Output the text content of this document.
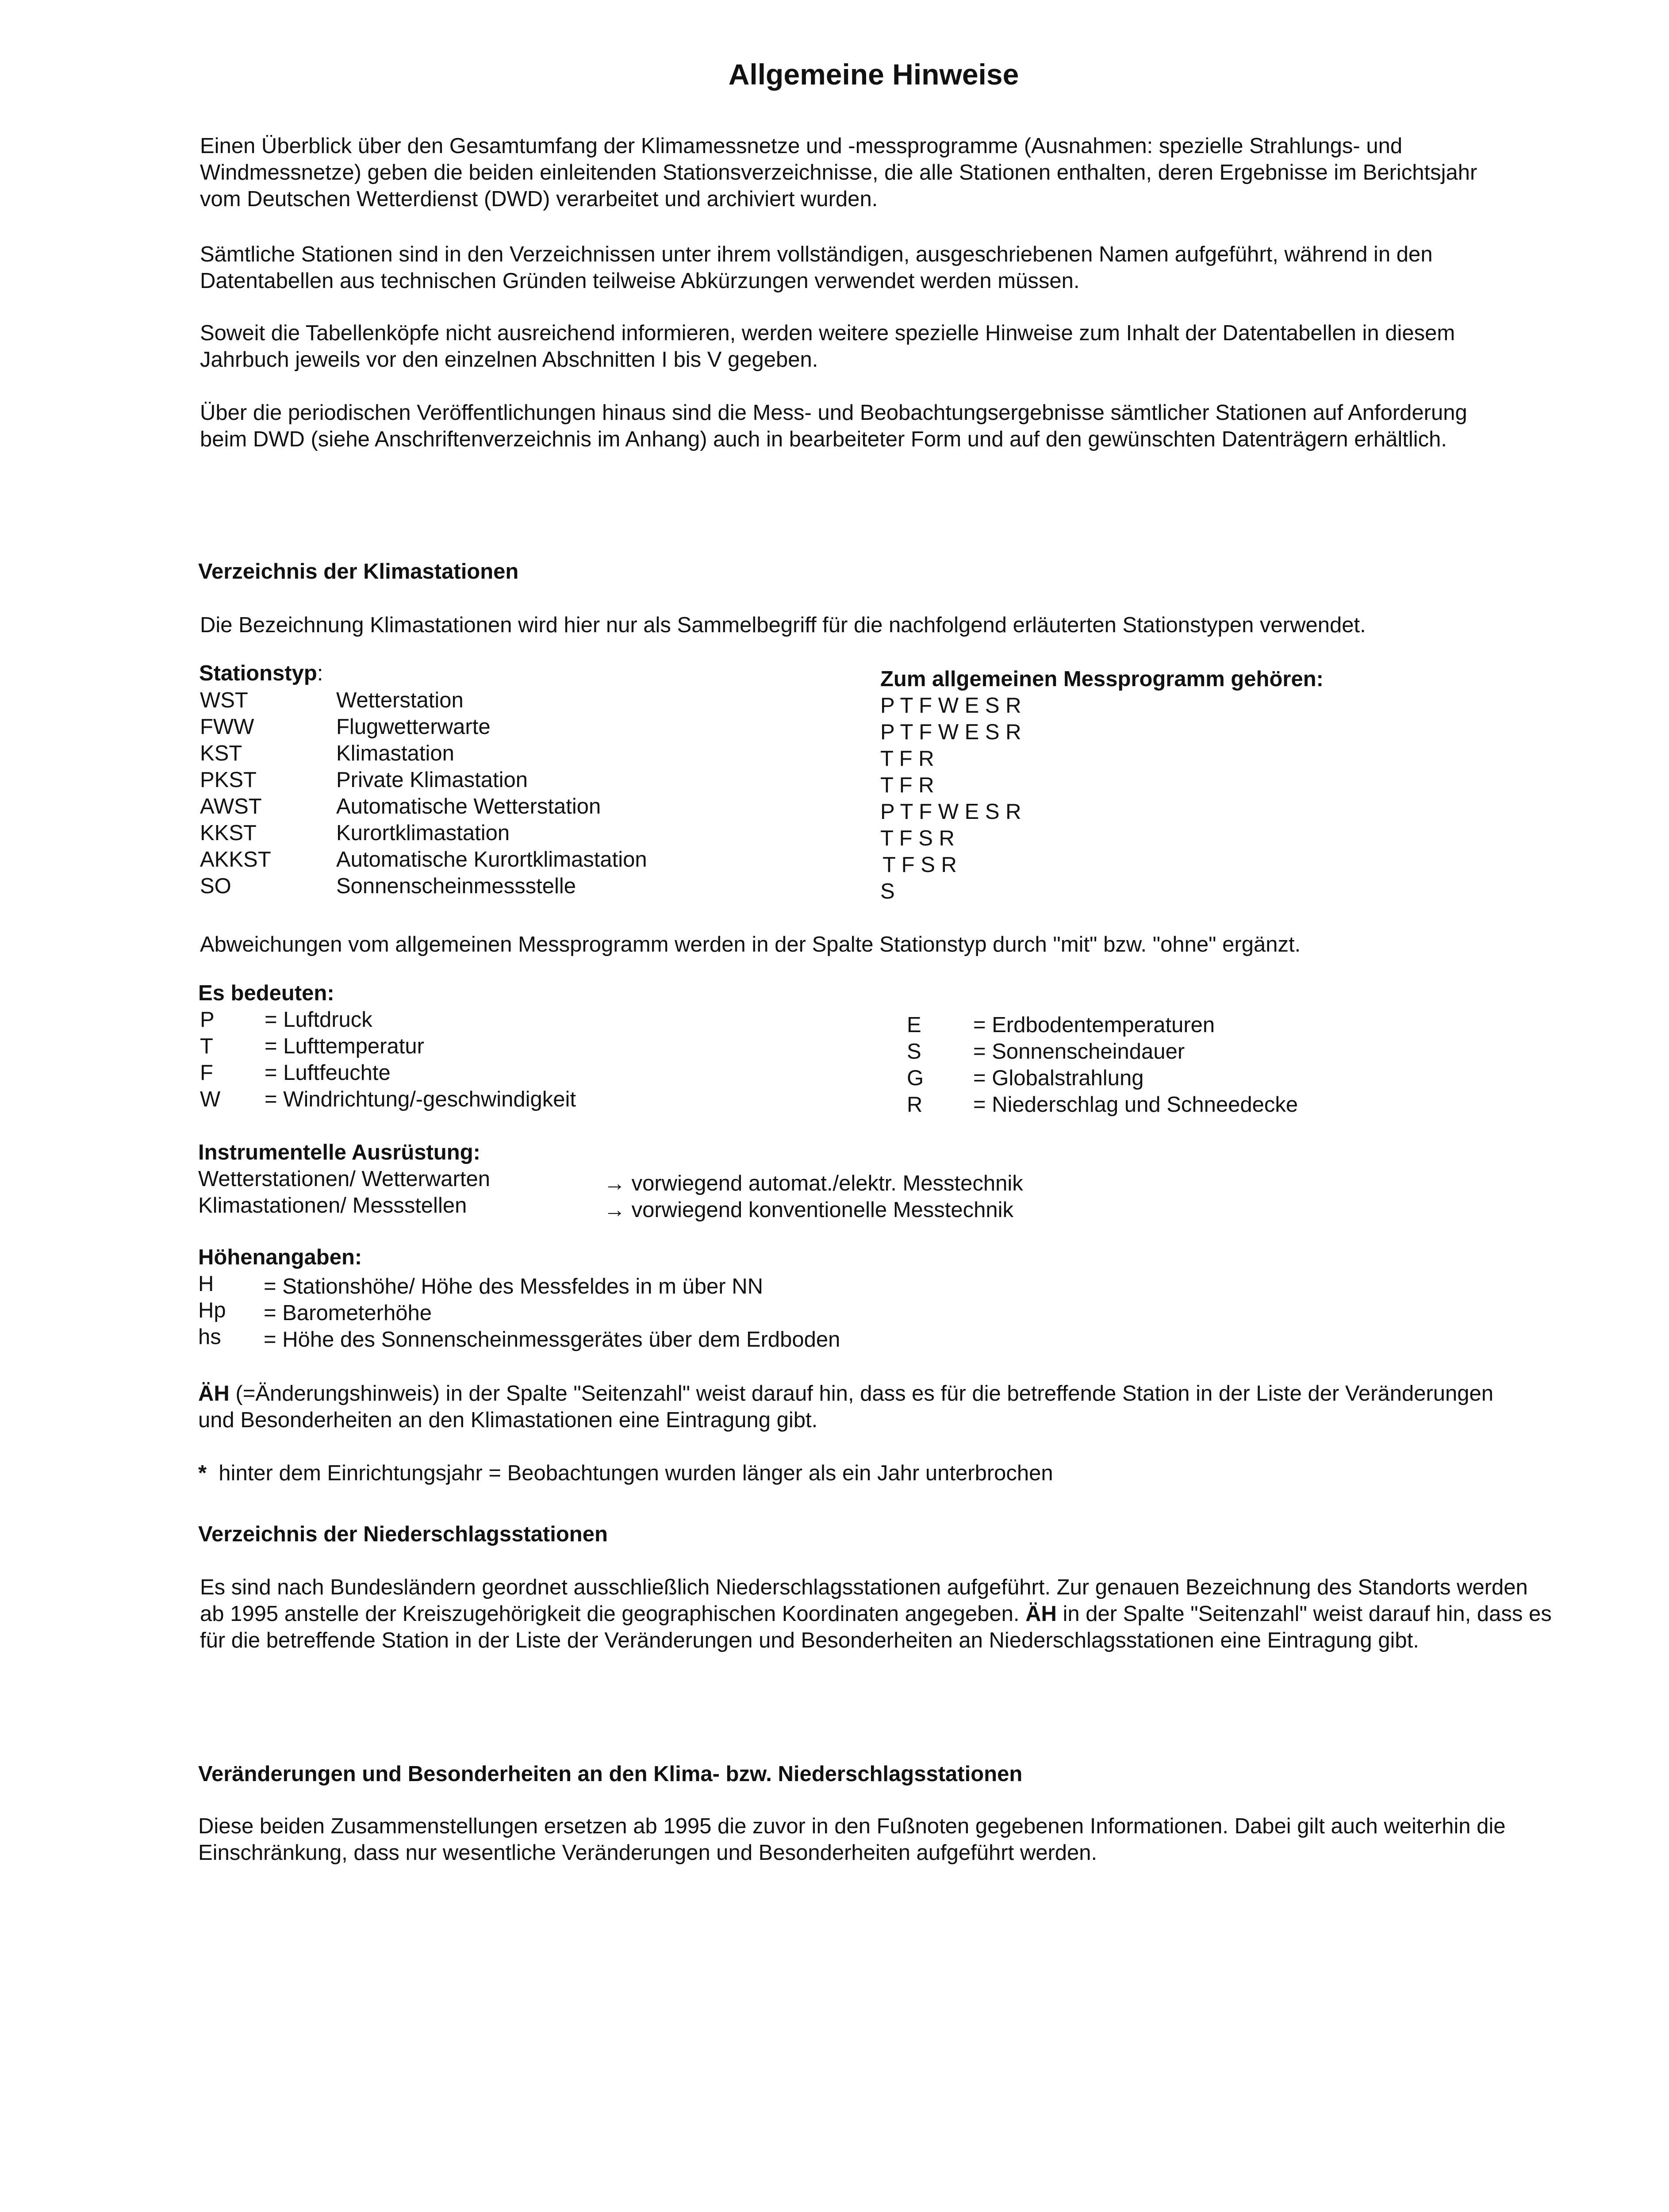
Allgemeine Hinweise

Einen Überblick über den Gesamtumfang der Klimamessnetze und -messprogramme (Ausnahmen: spezielle Strahlungs- und Windmessnetze) geben die beiden einleitenden Stationsverzeichnisse, die alle Stationen enthalten, deren Ergebnisse im Berichtsjahr vom Deutschen Wetterdienst (DWD) verarbeitet und archiviert wurden.

Sämtliche Stationen sind in den Verzeichnissen unter ihrem vollständigen, ausgeschriebenen Namen aufgeführt, während in den Datentabellen aus technischen Gründen teilweise Abkürzungen verwendet werden müssen.

Soweit die Tabellenköpfe nicht ausreichend informieren, werden weitere spezielle Hinweise zum Inhalt der Datentabellen in diesem Jahrbuch jeweils vor den einzelnen Abschnitten I bis V gegeben.

Über die periodischen Veröffentlichungen hinaus sind die Mess- und Beobachtungsergebnisse sämtlicher Stationen auf Anforderung beim DWD (siehe Anschriftenverzeichnis im Anhang) auch in bearbeiteter Form und auf den gewünschten Datenträgern erhältlich.

Verzeichnis der Klimastationen

Die Bezeichnung Klimastationen wird hier nur als Sammelbegriff für die nachfolgend erläuterten Stationstypen verwendet.

Stationstyp:	Zum allgemeinen Messprogramm gehören:
WST	Wetterstation	P T F W E S R
FWW	Flugwetterwarte	P T F W E S R
KST	Klimastation	T F R
PKST	Private Klimastation	T F R
AWST	Automatische Wetterstation	P T F W E S R
KKST	Kurortklimastation	T F S R
AKKST	Automatische Kurortklimastation	T F S R
SO	Sonnenscheinmessstelle	S

Abweichungen vom allgemeinen Messprogramm werden in der Spalte Stationstyp durch "mit" bzw. "ohne" ergänzt.

Es bedeuten:
P = Luftdruck
T = Lufttemperatur
F = Luftfeuchte
W = Windrichtung/-geschwindigkeit
E = Erdbodentemperaturen
S = Sonnenscheindauer
G = Globalstrahlung
R = Niederschlag und Schneedecke
Instrumentelle Ausrüstung:
Wetterstationen/ Wetterwarten	→ vorwiegend automat./elektr. Messtechnik
Klimastationen/ Messstellen	→ vorwiegend konventionelle Messtechnik
Höhenangaben:
H = Stationshöhe/ Höhe des Messfeldes in m über NN
Hp = Barometerhöhe
hs = Höhe des Sonnenscheinmessgerätes über dem Erdboden

ÄH (=Änderungshinweis) in der Spalte "Seitenzahl" weist darauf hin, dass es für die betreffende Station in der Liste der Veränderungen und Besonderheiten an den Klimastationen eine Eintragung gibt.

*  hinter dem Einrichtungsjahr = Beobachtungen wurden länger als ein Jahr unterbrochen

Verzeichnis der Niederschlagsstationen

Es sind nach Bundesländern geordnet ausschließlich Niederschlagsstationen aufgeführt. Zur genauen Bezeichnung des Standorts werden ab 1995 anstelle der Kreiszugehörigkeit die geographischen Koordinaten angegeben. ÄH in der Spalte "Seitenzahl" weist darauf hin, dass es für die betreffende Station in der Liste der Veränderungen und Besonderheiten an Niederschlagsstationen eine Eintragung gibt.

Veränderungen und Besonderheiten an den Klima- bzw. Niederschlagsstationen

Diese beiden Zusammenstellungen ersetzen ab 1995 die zuvor in den Fußnoten gegebenen Informationen. Dabei gilt auch weiterhin die Einschränkung, dass nur wesentliche Veränderungen und Besonderheiten aufgeführt werden.
